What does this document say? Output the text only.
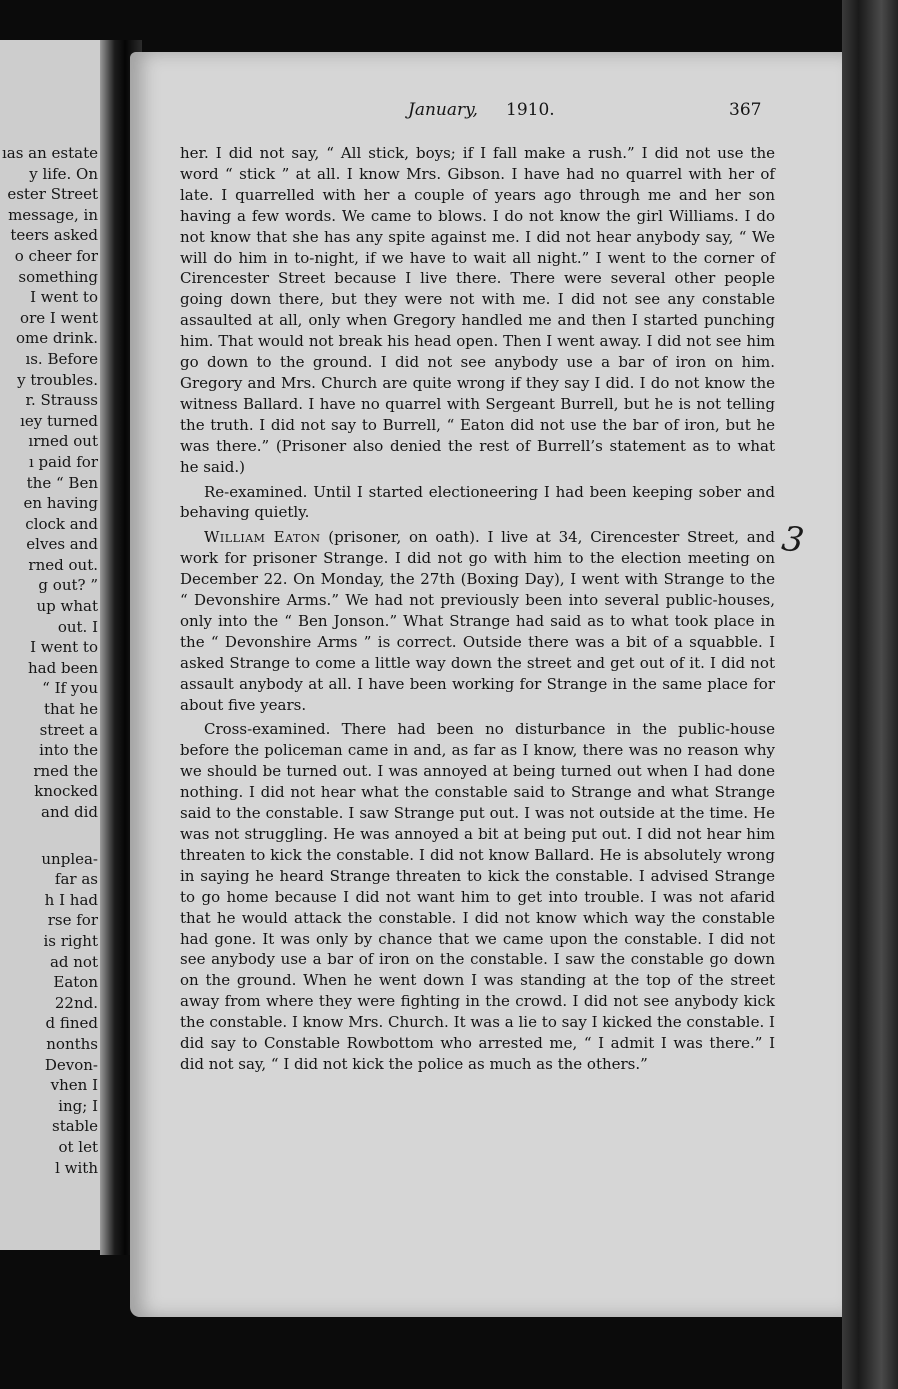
ıas an estate
y life. On
ester Street
message, in
teers asked
o cheer for
something
I went to
ore I went
ome drink.
ıs. Before
y troubles.
r. Strauss
ıey turned
ırned out
ı paid for
the “ Ben
en having
clock and
elves and
rned out.
g out? ”
up what
out. I
I went to
had been
“ If you
that he
street a
into the
rned the
knocked
and did
unplea-
far as
h I had
rse for
is right
ad not
Eaton
22nd.
d fined
nonths
Devon-
vhen I
ing; I
stable
ot let
l with
January, 1910.	367

her. I did not say, “ All stick, boys; if I fall make a rush.” I did not use the word “ stick ” at all. I know Mrs. Gibson. I have had no quarrel with her of late. I quarrelled with her a couple of years ago through me and her son having a few words. We came to blows. I do not know the girl Williams. I do not know that she has any spite against me. I did not hear anybody say, “ We will do him in to-night, if we have to wait all night.” I went to the corner of Cirencester Street because I live there. There were several other people going down there, but they were not with me. I did not see any constable assaulted at all, only when Gregory handled me and then I started punching him. That would not break his head open. Then I went away. I did not see him go down to the ground. I did not see anybody use a bar of iron on him. Gregory and Mrs. Church are quite wrong if they say I did. I do not know the witness Ballard. I have no quarrel with Sergeant Burrell, but he is not telling the truth. I did not say to Burrell, “ Eaton did not use the bar of iron, but he was there.” (Prisoner also denied the rest of Burrell’s statement as to what he said.)

Re-examined. Until I started electioneering I had been keeping sober and behaving quietly.

William Eaton (prisoner, on oath). I live at 34, Cirencester Street, and work for prisoner Strange. I did not go with him to the election meeting on December 22. On Monday, the 27th (Boxing Day), I went with Strange to the “ Devonshire Arms.” We had not previously been into several public-houses, only into the “ Ben Jonson.” What Strange had said as to what took place in the “ Devonshire Arms ” is correct. Outside there was a bit of a squabble. I asked Strange to come a little way down the street and get out of it. I did not assault anybody at all. I have been working for Strange in the same place for about five years.

Cross-examined. There had been no disturbance in the public-house before the policeman came in and, as far as I know, there was no reason why we should be turned out. I was annoyed at being turned out when I had done nothing. I did not hear what the constable said to Strange and what Strange said to the constable. I saw Strange put out. I was not outside at the time. He was not struggling. He was annoyed a bit at being put out. I did not hear him threaten to kick the constable. I did not know Ballard. He is absolutely wrong in saying he heard Strange threaten to kick the constable. I advised Strange to go home because I did not want him to get into trouble. I was not afarid that he would attack the constable. I did not know which way the constable had gone. It was only by chance that we came upon the constable. I did not see anybody use a bar of iron on the constable. I saw the constable go down on the ground. When he went down I was standing at the top of the street away from where they were fighting in the crowd. I did not see anybody kick the constable. I know Mrs. Church. It was a lie to say I kicked the constable. I did say to Constable Rowbottom who arrested me, “ I admit I was there.” I did not say, “ I did not kick the police as much as the others.”

3
